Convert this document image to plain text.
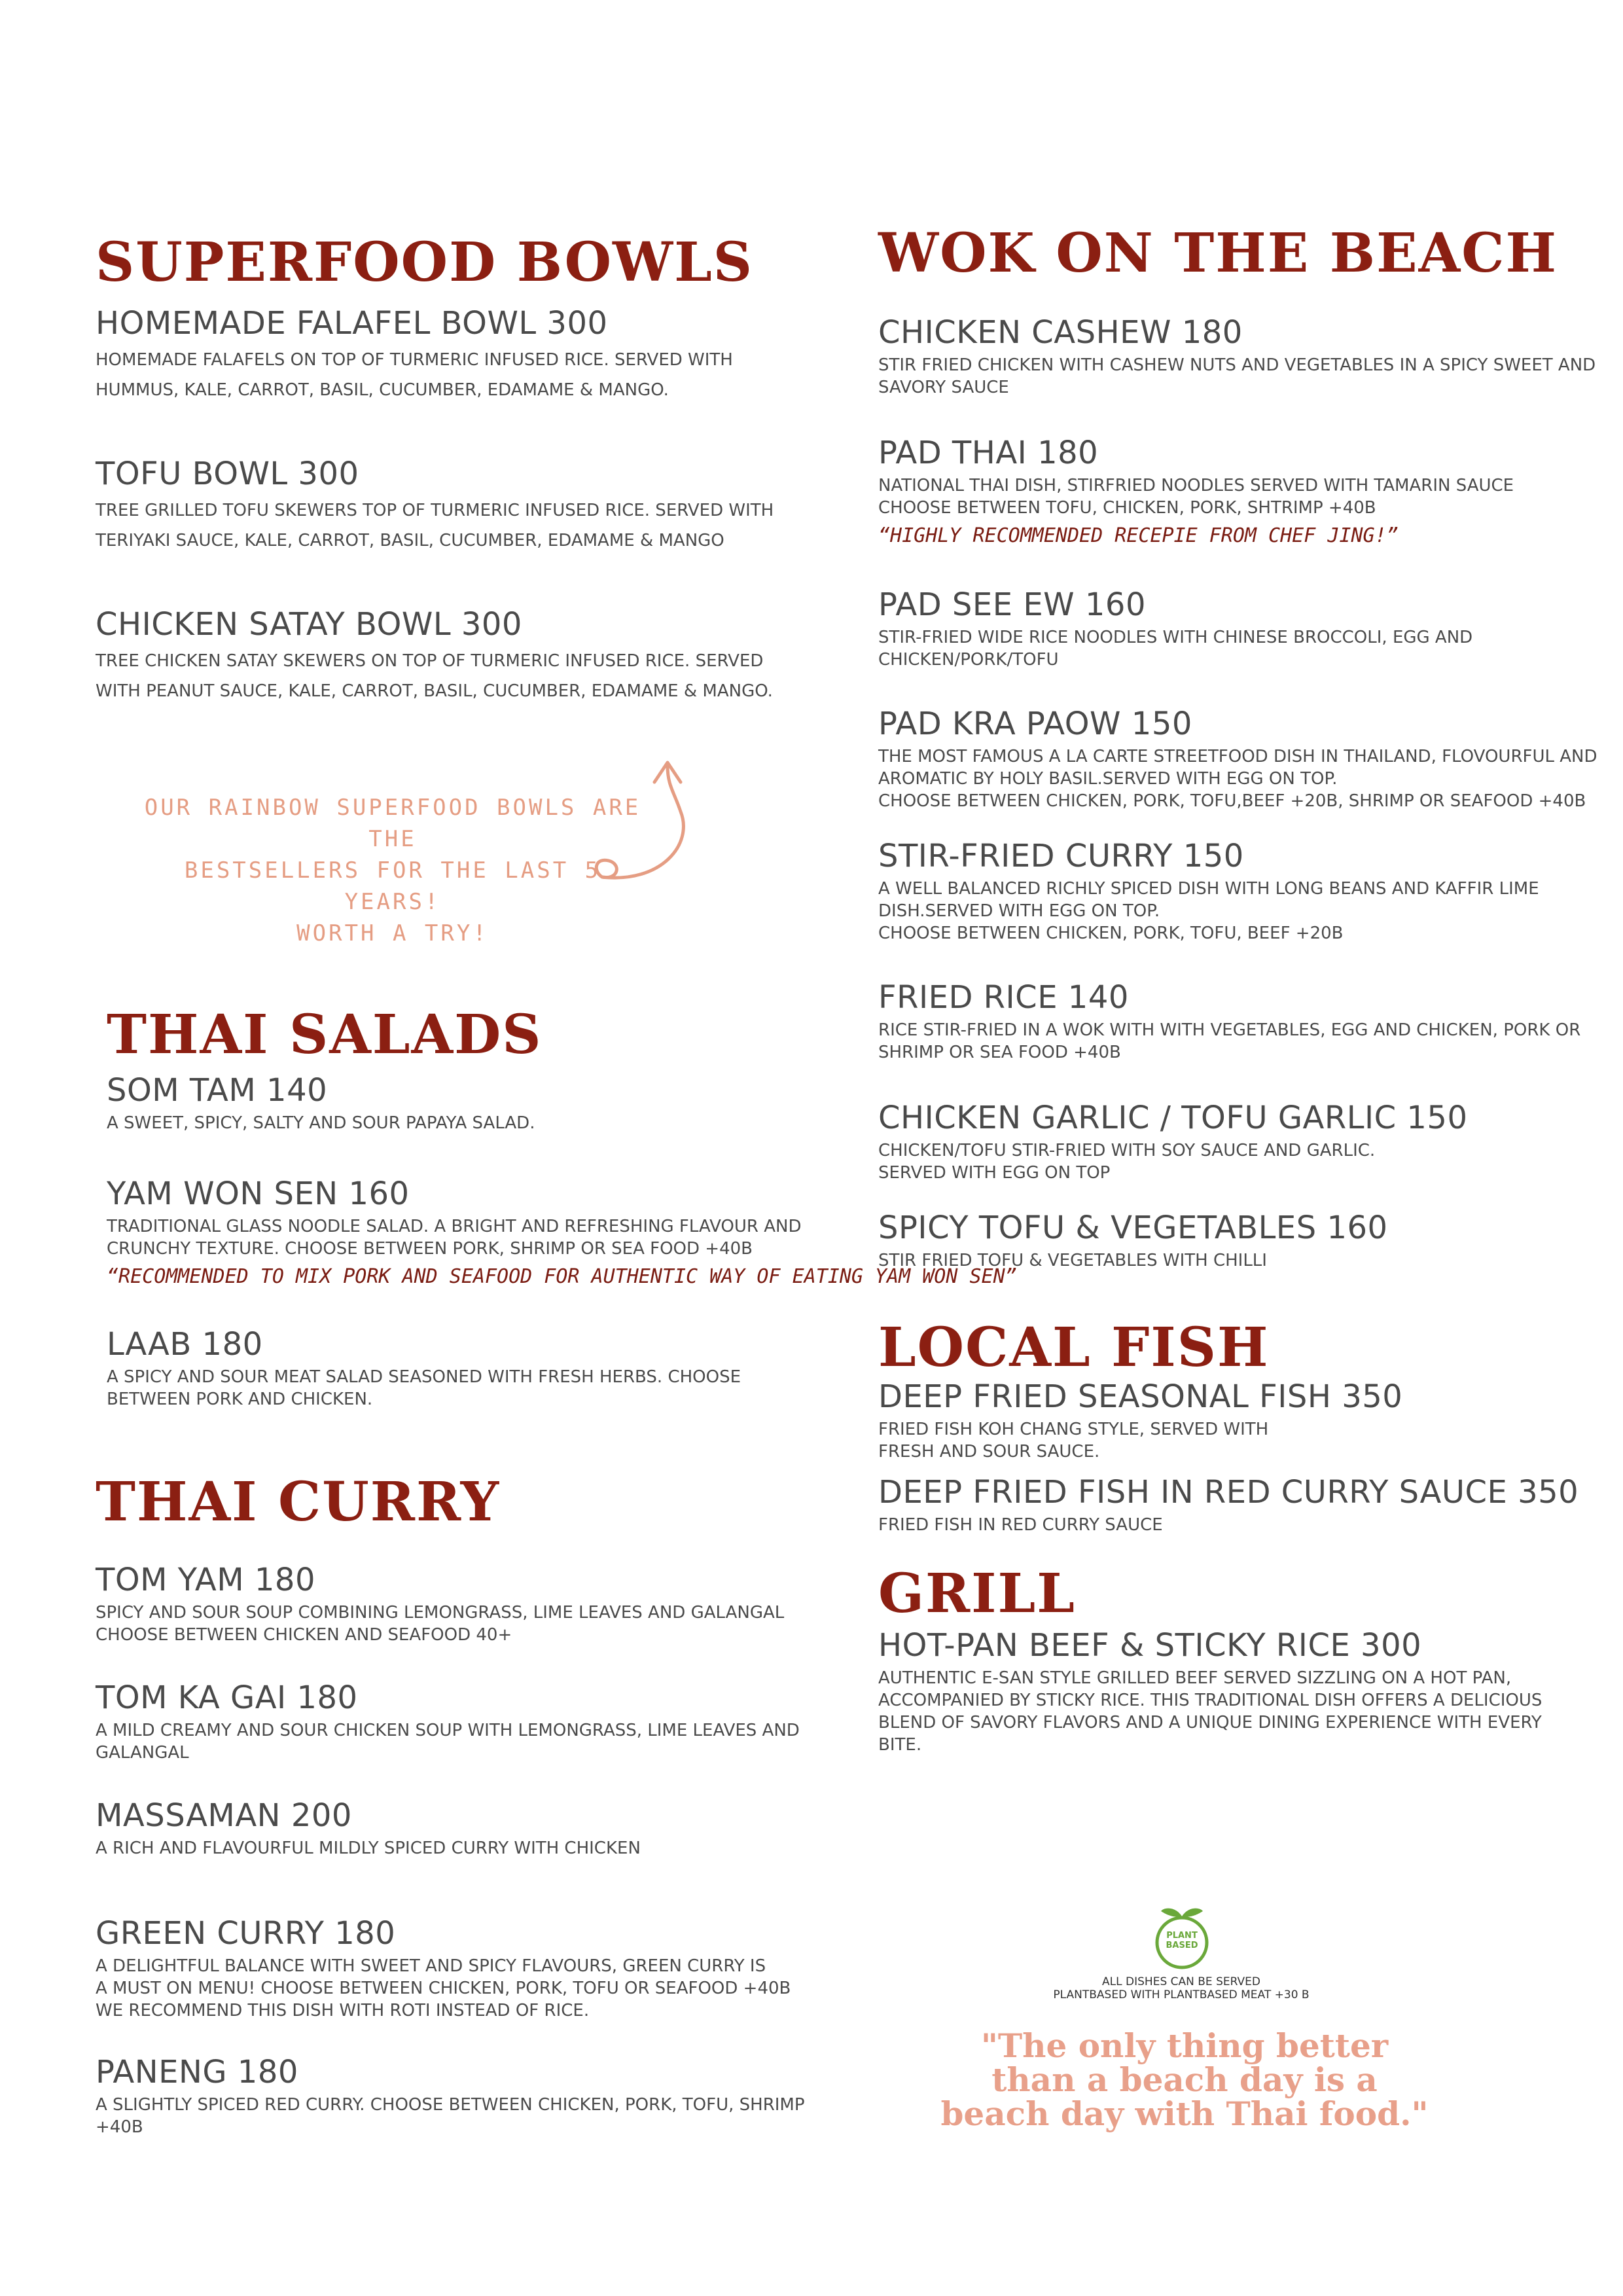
SUPERFOOD BOWLS
HOMEMADE FALAFEL BOWL 300
HOMEMADE FALAFELS ON TOP OF TURMERIC INFUSED RICE. SERVED WITH
HUMMUS, KALE, CARROT, BASIL, CUCUMBER, EDAMAME & MANGO.
TOFU BOWL 300
TREE GRILLED TOFU SKEWERS TOP OF TURMERIC INFUSED RICE. SERVED WITH
TERIYAKI SAUCE, KALE, CARROT, BASIL, CUCUMBER, EDAMAME & MANGO
CHICKEN SATAY BOWL 300
TREE CHICKEN SATAY SKEWERS ON TOP OF TURMERIC INFUSED RICE. SERVED
WITH PEANUT SAUCE, KALE, CARROT, BASIL, CUCUMBER, EDAMAME & MANGO.
OUR RAINBOW SUPERFOOD BOWLS ARE THE
BESTSELLERS FOR THE LAST 5 YEARS!
WORTH A TRY!
THAI SALADS
SOM TAM 140
A SWEET, SPICY, SALTY AND SOUR PAPAYA SALAD.
YAM WON SEN 160
TRADITIONAL GLASS NOODLE SALAD. A BRIGHT AND REFRESHING FLAVOUR AND
CRUNCHY TEXTURE. CHOOSE BETWEEN PORK, SHRIMP OR SEA FOOD +40B
“RECOMMENDED TO MIX PORK AND SEAFOOD FOR AUTHENTIC WAY OF EATING YAM WON SEN”
LAAB 180
A SPICY AND SOUR MEAT SALAD SEASONED WITH FRESH HERBS. CHOOSE
BETWEEN PORK AND CHICKEN.
THAI CURRY
TOM YAM 180
SPICY AND SOUR SOUP COMBINING LEMONGRASS, LIME LEAVES AND GALANGAL
CHOOSE BETWEEN CHICKEN AND SEAFOOD 40+
TOM KA GAI 180
A MILD CREAMY AND SOUR CHICKEN SOUP WITH LEMONGRASS, LIME LEAVES AND
GALANGAL
MASSAMAN 200
A RICH AND FLAVOURFUL MILDLY SPICED CURRY WITH CHICKEN
GREEN CURRY 180
A DELIGHTFUL BALANCE WITH SWEET AND SPICY FLAVOURS, GREEN CURRY IS
A MUST ON MENU! CHOOSE BETWEEN CHICKEN, PORK, TOFU OR SEAFOOD +40B
WE RECOMMEND THIS DISH WITH ROTI INSTEAD OF RICE.
PANENG 180
A SLIGHTLY SPICED RED CURRY. CHOOSE BETWEEN CHICKEN, PORK, TOFU, SHRIMP
+40B
WOK ON THE BEACH
CHICKEN CASHEW 180
STIR FRIED CHICKEN WITH CASHEW NUTS AND VEGETABLES IN A SPICY SWEET AND
SAVORY SAUCE
PAD THAI 180
NATIONAL THAI DISH, STIRFRIED NOODLES SERVED WITH TAMARIN SAUCE
CHOOSE BETWEEN TOFU, CHICKEN, PORK, SHTRIMP +40B
“HIGHLY RECOMMENDED RECEPIE FROM CHEF JING!”
PAD SEE EW 160
STIR-FRIED WIDE RICE NOODLES WITH CHINESE BROCCOLI, EGG AND
CHICKEN/PORK/TOFU
PAD KRA PAOW 150
THE MOST FAMOUS A LA CARTE STREETFOOD DISH IN THAILAND, FLOVOURFUL AND
AROMATIC BY HOLY BASIL.SERVED WITH EGG ON TOP.
CHOOSE BETWEEN CHICKEN, PORK, TOFU,BEEF +20B, SHRIMP OR SEAFOOD +40B
STIR-FRIED CURRY 150
A WELL BALANCED RICHLY SPICED DISH WITH LONG BEANS AND KAFFIR LIME
DISH.SERVED WITH EGG ON TOP.
CHOOSE BETWEEN CHICKEN, PORK, TOFU, BEEF +20B
FRIED RICE 140
RICE STIR-FRIED IN A WOK WITH WITH VEGETABLES, EGG AND CHICKEN, PORK OR
SHRIMP OR SEA FOOD +40B
CHICKEN GARLIC / TOFU GARLIC 150
CHICKEN/TOFU STIR-FRIED WITH SOY SAUCE AND GARLIC.
SERVED WITH EGG ON TOP
SPICY TOFU & VEGETABLES 160
STIR FRIED TOFU & VEGETABLES WITH CHILLI
LOCAL FISH
DEEP FRIED SEASONAL FISH 350
FRIED FISH KOH CHANG STYLE, SERVED WITH
FRESH AND SOUR SAUCE.
DEEP FRIED FISH IN RED CURRY SAUCE 350
FRIED FISH IN RED CURRY SAUCE
GRILL
HOT-PAN BEEF & STICKY RICE 300
AUTHENTIC E-SAN STYLE GRILLED BEEF SERVED SIZZLING ON A HOT PAN,
ACCOMPANIED BY STICKY RICE. THIS TRADITIONAL DISH OFFERS A DELICIOUS
BLEND OF SAVORY FLAVORS AND A UNIQUE DINING EXPERIENCE WITH EVERY
BITE.
PLANT
BASED
ALL DISHES CAN BE SERVED
PLANTBASED WITH PLANTBASED MEAT +30 B
"The only thing better
than a beach day is a
beach day with Thai food."
